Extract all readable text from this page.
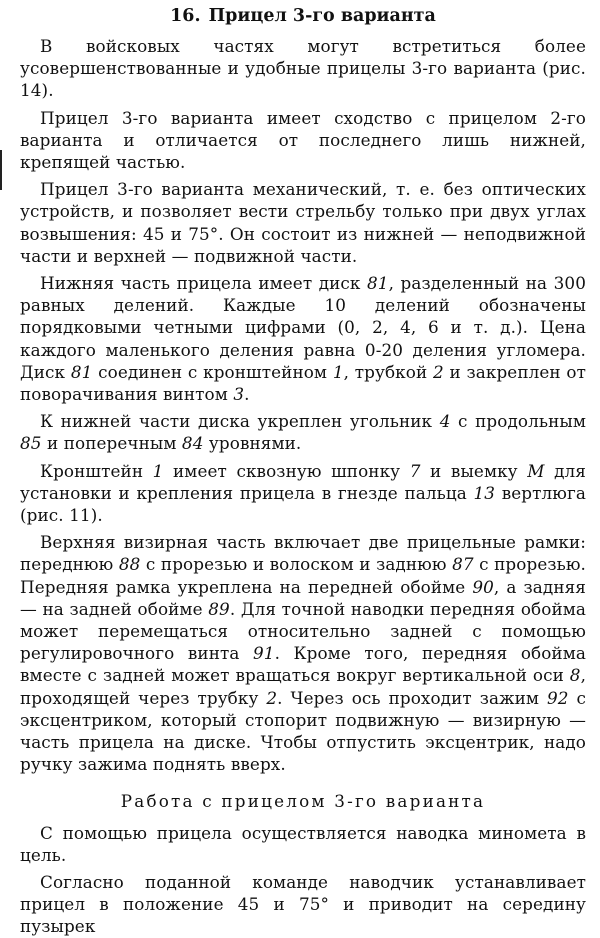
16. Прицел 3-го варианта

В войсковых частях могут встретиться более усовершенствованные и удобные прицелы 3-го варианта (рис. 14).

Прицел 3-го варианта имеет сходство с прицелом 2-го варианта и отличается от последнего лишь нижней, крепящей частью.

Прицел 3-го варианта механический, т. е. без оптических устройств, и позволяет вести стрельбу только при двух углах возвышения: 45 и 75°. Он состоит из нижней — неподвижной части и верхней — подвижной части.

Нижняя часть прицела имеет диск 81, разделенный на 300 равных делений. Каждые 10 делений обозначены порядковыми четными цифрами (0, 2, 4, 6 и т. д.). Цена каждого маленького деления равна 0-20 деления угломера. Диск 81 соединен с кронштейном 1, трубкой 2 и закреплен от поворачивания винтом 3.

К нижней части диска укреплен угольник 4 с продольным 85 и поперечным 84 уровнями.

Кронштейн 1 имеет сквозную шпонку 7 и выемку М для установки и крепления прицела в гнезде пальца 13 вертлюга (рис. 11).

Верхняя визирная часть включает две прицельные рамки: переднюю 88 с прорезью и волоском и заднюю 87 с прорезью. Передняя рамка укреплена на передней обойме 90, а задняя — на задней обойме 89. Для точной наводки передняя обойма может перемещаться относительно задней с помощью регулировочного винта 91. Кроме того, передняя обойма вместе с задней может вращаться вокруг вертикальной оси 8, проходящей через трубку 2. Через ось проходит зажим 92 с эксцентриком, который стопорит подвижную — визирную — часть прицела на диске. Чтобы отпустить эксцентрик, надо ручку зажима поднять вверх.

Работа с прицелом 3-го варианта

С помощью прицела осуществляется наводка миномета в цель.

Согласно поданной команде наводчик устанавливает прицел в положение 45 и 75° и приводит на середину пузырек
